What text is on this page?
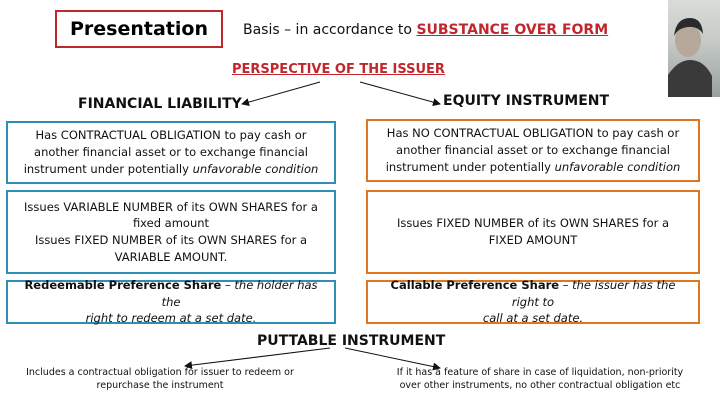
Presentation	Basis – in accordance to SUBSTANCE OVER FORM
PERSPECTIVE OF THE ISSUER
FINANCIAL LIABILITY	EQUITY INSTRUMENT
Has CONTRACTUAL OBLIGATION to pay cash or
another financial asset or to exchange financial
instrument under potentially unfavorable condition
Issues VARIABLE NUMBER of its OWN SHARES for a
fixed amount
Issues FIXED NUMBER of its OWN SHARES for a
VARIABLE AMOUNT.
Redeemable Preference Share – the holder has the
right to redeem at a set date.
Has NO CONTRACTUAL OBLIGATION to pay cash or
another financial asset or to exchange financial
instrument under potentially unfavorable condition
Issues FIXED NUMBER of its OWN SHARES for a
FIXED AMOUNT
Callable Preference Share – the issuer has the right to
call at a set date.
PUTTABLE INSTRUMENT
Includes a contractual obligation for issuer to redeem or
repurchase the instrument
If it has a feature of share in case of liquidation, non-priority
over other instruments, no other contractual obligation etc
